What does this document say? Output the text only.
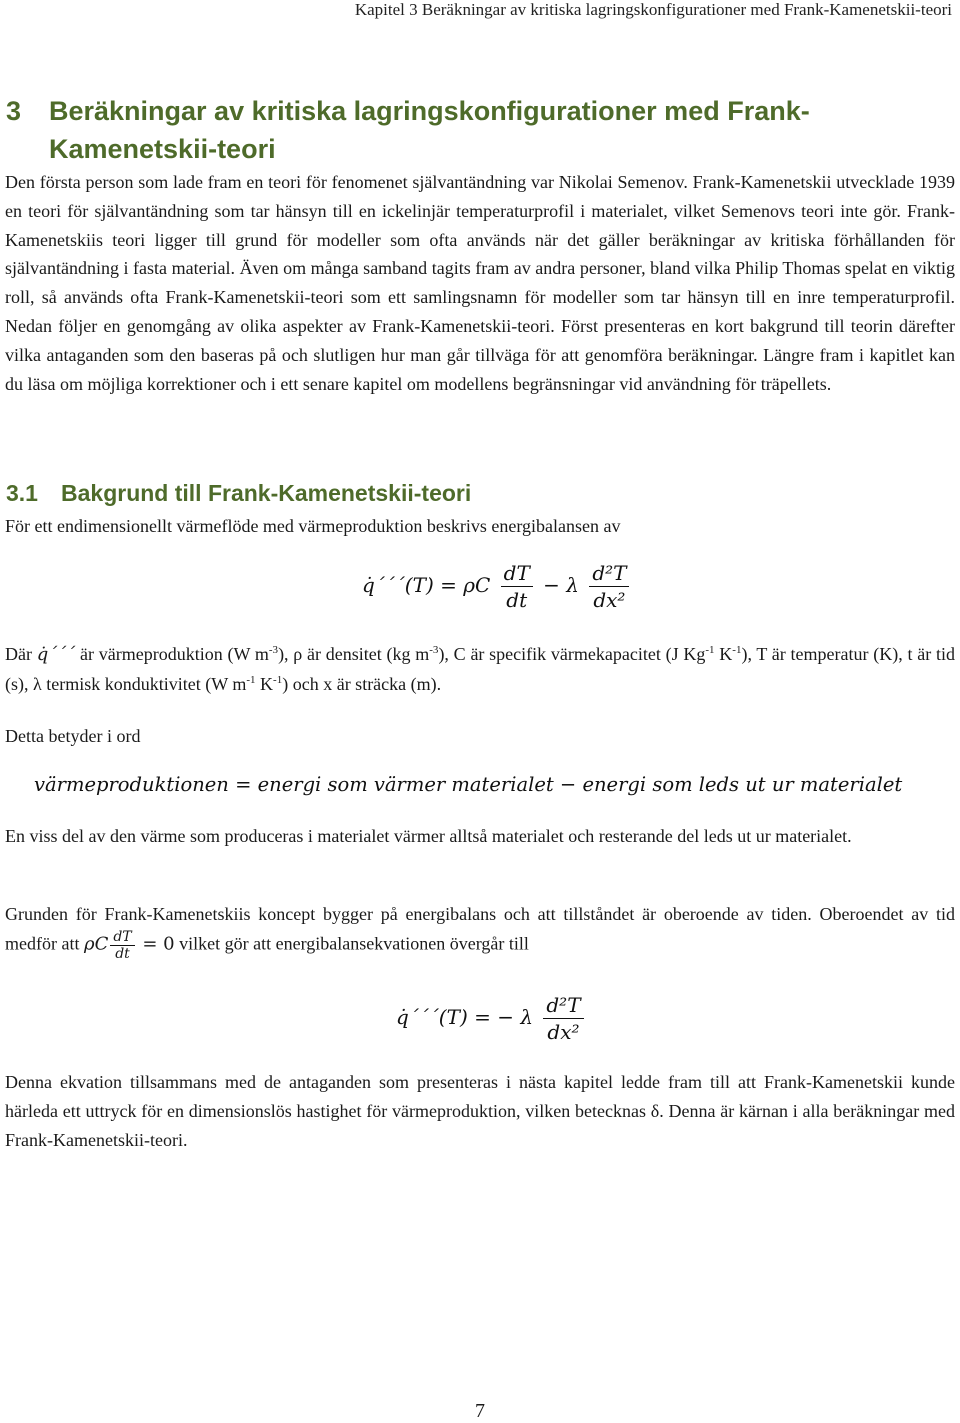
Kapitel 3 Beräkningar av kritiska lagringskonfigurationer med Frank-Kamenetskii-teori
3 Beräkningar av kritiska lagringskonfigurationer med Frank-
Kamenetskii-teori

Den första person som lade fram en teori för fenomenet självantändning var Nikolai Semenov. Frank-Kamenetskii utvecklade 1939 en teori för självantändning som tar hänsyn till en ickelinjär temperaturprofil i materialet, vilket Semenovs teori inte gör. Frank-Kamenetskiis teori ligger till grund för modeller som ofta används när det gäller beräkningar av kritiska förhållanden för självantändning i fasta material. Även om många samband tagits fram av andra personer, bland vilka Philip Thomas spelat en viktig roll, så används ofta Frank-Kamenetskii-teori som ett samlingsnamn för modeller som tar hänsyn till en inre temperaturprofil. Nedan följer en genomgång av olika aspekter av Frank-Kamenetskii-teori. Först presenteras en kort bakgrund till teorin därefter vilka antaganden som den baseras på och slutligen hur man går tillväga för att genomföra beräkningar. Längre fram i kapitlet kan du läsa om möjliga korrektioner och i ett senare kapitel om modellens begränsningar vid användning för träpellets.

3.1 Bakgrund till Frank-Kamenetskii-teori

För ett endimensionellt värmeflöde med värmeproduktion beskrivs energibalansen av

q̇´´´(T) = ρC $\frac{dT}{dt} - \lambda \frac{\text{d²T}}{\text{dx²}}$

Där q̇´´´ är värmeproduktion (W $m^{-3}$), ρ är densitet (kg $m^{-3}$), C är specifik värmekapacitet (J $Kg^{-1}$ $K^{-1}$), T är temperatur (K), t är tid (s), λ termisk konduktivitet (W $m^{-1}$ $K^{-1}$) och x är sträcka (m).

Detta betyder i ord

värmeproduktionen = energi som värmer materialet − energi som leds ut ur materialet

En viss del av den värme som produceras i materialet värmer alltså materialet och resterande del leds ut ur materialet.

Grunden för Frank-Kamenetskiis koncept bygger på energibalans och att tillståndet är oberoende av tiden. Oberoendet av tid medför att ρC $\frac{dT}{dt} = 0$ vilket gör att energibalansekvationen övergår till

q̇´´´(T) = − λ $\frac{\text{d²T}}{\text{dx²}}$

Denna ekvation tillsammans med de antaganden som presenteras i nästa kapitel ledde fram till att Frank-Kamenetskii kunde härleda ett uttryck för en dimensionslös hastighet för värmeproduktion, vilken betecknas δ. Denna är kärnan i alla beräkningar med Frank-Kamenetskii-teori.

7
